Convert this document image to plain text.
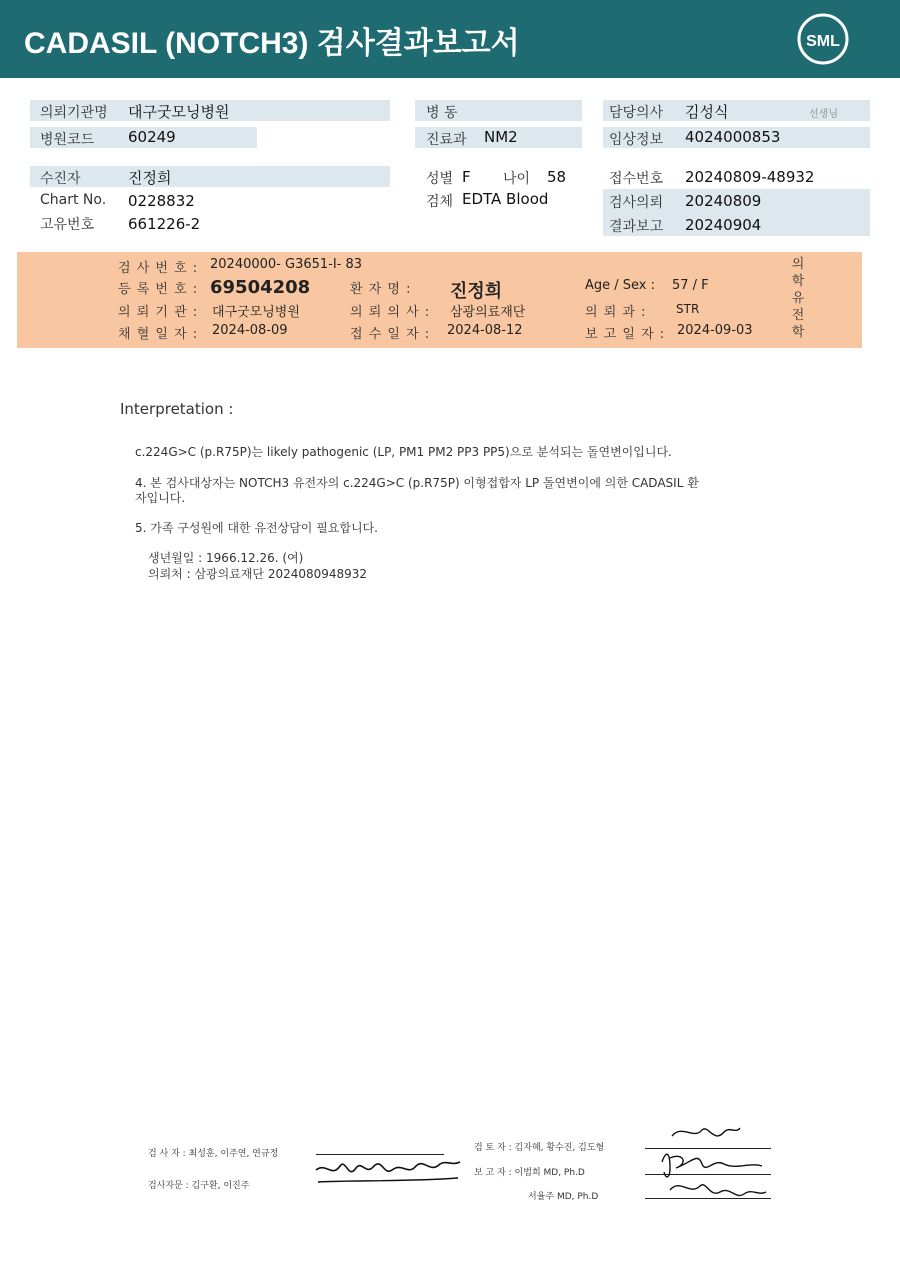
CADASIL (NOTCH3) 검사결과보고서	SML
의뢰기관명 대구굿모닝병원
병원코드 60249
병 동
진료과 NM2
담당의사 김성식	선생님
임상정보 4024000853
수진자	진정희
Chart No. 0228832
고유번호 661226-2
성별 F 나이 58
검체 EDTA Blood
접수번호 20240809-48932
검사의뢰 20240809
결과보고 20240904
검 사 번 호 : 20240000- G3651-I- 83
등 록 번 호 : 69504208	환 자 명 : 진정희	Age / Sex : 57 / F
의 뢰 기 관 : 대구굿모닝병원	의 뢰 의 사 : 삼광의료재단	의 뢰 과 : STR
채 혈 일 자 : 2024-08-09	접 수 일 자 : 2024-08-12	보 고 일 자 : 2024-09-03
의
학
유
전
학
Interpretation :
c.224G>C (p.R75P)는 likely pathogenic (LP, PM1 PM2 PP3 PP5)으로 분석되는 돌연변이입니다.
4. 본 검사대상자는 NOTCH3 유전자의 c.224G>C (p.R75P) 이형접합자 LP 돌연변이에 의한 CADASIL 환
자입니다.
5. 가족 구성원에 대한 유전상담이 필요합니다.
생년월일 : 1966.12.26. (여)
의뢰처 : 삼광의료재단 2024080948932
검 사 자 : 최성훈, 이주연, 연규정
검사자문 : 김구환, 이진주
검 토 자 : 김자혜, 황수진, 김도형
보 고 자 : 이범희 MD, Ph.D
서율주 MD, Ph.D
